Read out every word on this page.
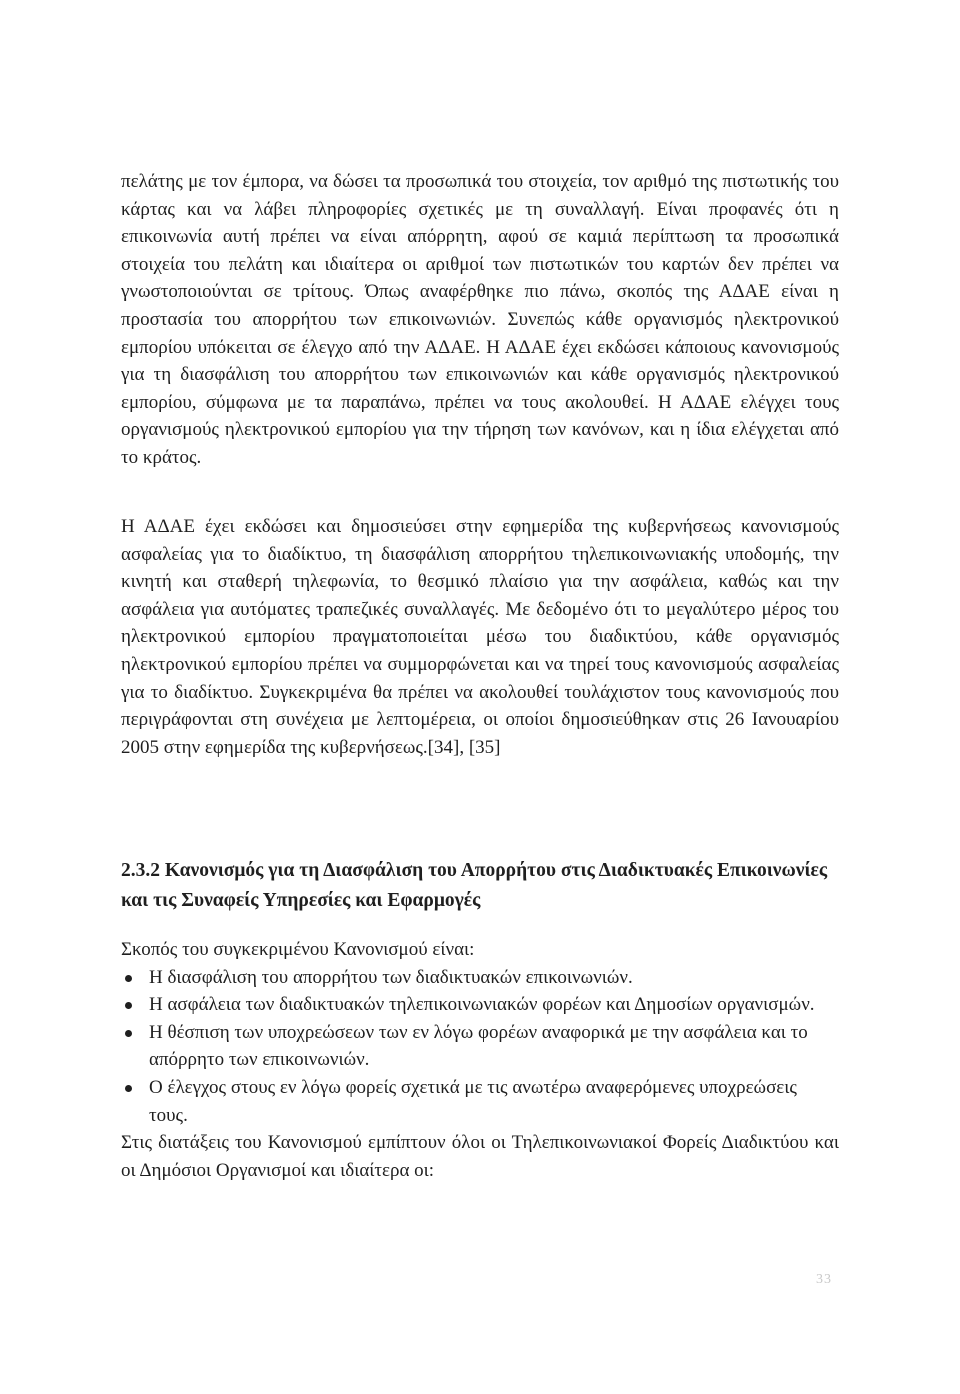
πελάτης με τον έμπορα, να δώσει τα προσωπικά του στοιχεία, τον αριθμό της πιστωτικής του κάρτας και να λάβει πληροφορίες σχετικές με τη συναλλαγή. Είναι προφανές ότι η επικοινωνία αυτή πρέπει να είναι απόρρητη, αφού σε καμιά περίπτωση τα προσωπικά στοιχεία του πελάτη και ιδιαίτερα οι αριθμοί των πιστωτικών του καρτών δεν πρέπει να γνωστοποιούνται σε τρίτους. Όπως αναφέρθηκε πιο πάνω, σκοπός της ΑΔΑΕ είναι η προστασία του απορρήτου των επικοινωνιών. Συνεπώς κάθε οργανισμός ηλεκτρονικού εμπορίου υπόκειται σε έλεγχο από την ΑΔΑΕ. Η ΑΔΑΕ έχει εκδώσει κάποιους κανονισμούς για τη διασφάλιση του απορρήτου των επικοινωνιών και κάθε οργανισμός ηλεκτρονικού εμπορίου, σύμφωνα με τα παραπάνω, πρέπει να τους ακολουθεί. Η ΑΔΑΕ ελέγχει τους οργανισμούς ηλεκτρονικού εμπορίου για την τήρηση των κανόνων, και η ίδια ελέγχεται από το κράτος.

Η ΑΔΑΕ έχει εκδώσει και δημοσιεύσει στην εφημερίδα της κυβερνήσεως κανονισμούς ασφαλείας για το διαδίκτυο, τη διασφάλιση απορρήτου τηλεπικοινωνιακής υποδομής, την κινητή και σταθερή τηλεφωνία, το θεσμικό πλαίσιο για την ασφάλεια, καθώς και την ασφάλεια για αυτόματες τραπεζικές συναλλαγές. Με δεδομένο ότι το μεγαλύτερο μέρος του ηλεκτρονικού εμπορίου πραγματοποιείται μέσω του διαδικτύου, κάθε οργανισμός ηλεκτρονικού εμπορίου πρέπει να συμμορφώνεται και να τηρεί τους κανονισμούς ασφαλείας για το διαδίκτυο. Συγκεκριμένα θα πρέπει να ακολουθεί τουλάχιστον τους κανονισμούς που περιγράφονται στη συνέχεια με λεπτομέρεια, οι οποίοι δημοσιεύθηκαν στις 26 Ιανουαρίου 2005 στην εφημερίδα της κυβερνήσεως.[34], [35]

2.3.2 Κανονισμός για τη Διασφάλιση του Απορρήτου στις Διαδικτυακές Επικοινωνίες και τις Συναφείς Υπηρεσίες και Εφαρμογές

Σκοπός του συγκεκριμένου Κανονισμού είναι:

Η διασφάλιση του απορρήτου των διαδικτυακών επικοινωνιών.
Η ασφάλεια των διαδικτυακών τηλεπικοινωνιακών φορέων και Δημοσίων οργανισμών.
Η θέσπιση των υποχρεώσεων των εν λόγω φορέων αναφορικά με την ασφάλεια και το απόρρητο των επικοινωνιών.
Ο έλεγχος στους εν λόγω φορείς σχετικά με τις ανωτέρω αναφερόμενες υποχρεώσεις τους.

Στις διατάξεις του Κανονισμού εμπίπτουν όλοι οι Τηλεπικοινωνιακοί Φορείς Διαδικτύου και οι Δημόσιοι Οργανισμοί και ιδιαίτερα οι:

33
